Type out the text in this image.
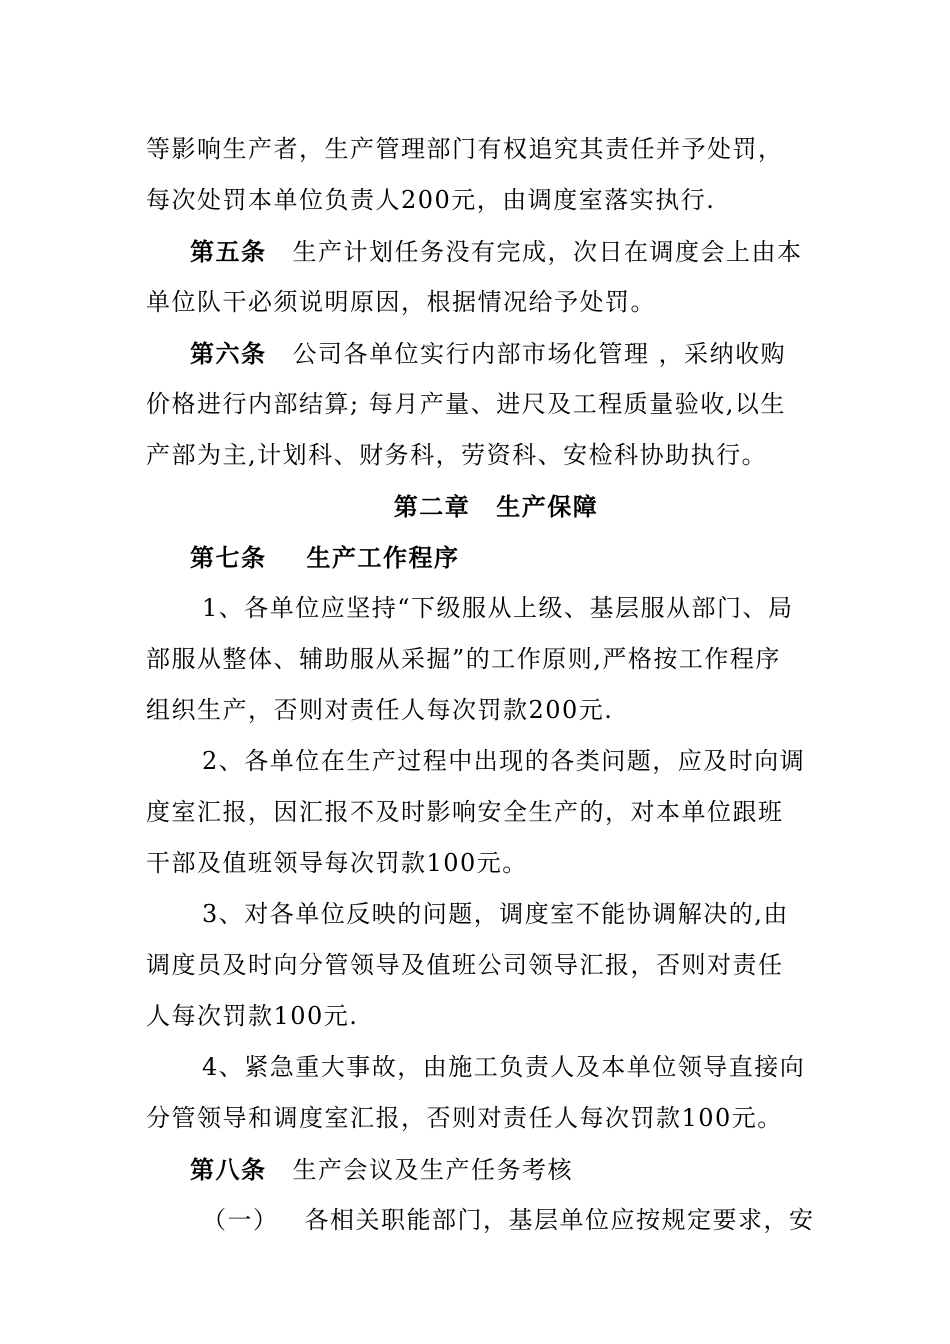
等影响生产者，生产管理部门有权追究其责任并予处罚，
每次处罚本单位负责人200元，由调度室落实执行.
第五条 生产计划任务没有完成，次日在调度会上由本
单位队干必须说明原因，根据情况给予处罚。
第六条 公司各单位实行内部市场化管理 ，采纳收购
价格进行内部结算; 每月产量、进尺及工程质量验收,以生
产部为主,计划科、财务科，劳资科、安检科协助执行。
第二章 生产保障
第七条 生产工作程序
1、各单位应坚持“下级服从上级、基层服从部门、局
部服从整体、辅助服从采掘”的工作原则,严格按工作程序
组织生产，否则对责任人每次罚款200元.
2、各单位在生产过程中出现的各类问题，应及时向调
度室汇报，因汇报不及时影响安全生产的，对本单位跟班
干部及值班领导每次罚款100元。
3、对各单位反映的问题，调度室不能协调解决的,由
调度员及时向分管领导及值班公司领导汇报，否则对责任
人每次罚款100元.
4、紧急重大事故，由施工负责人及本单位领导直接向
分管领导和调度室汇报，否则对责任人每次罚款100元。
第八条 生产会议及生产任务考核
（一） 各相关职能部门，基层单位应按规定要求，安
